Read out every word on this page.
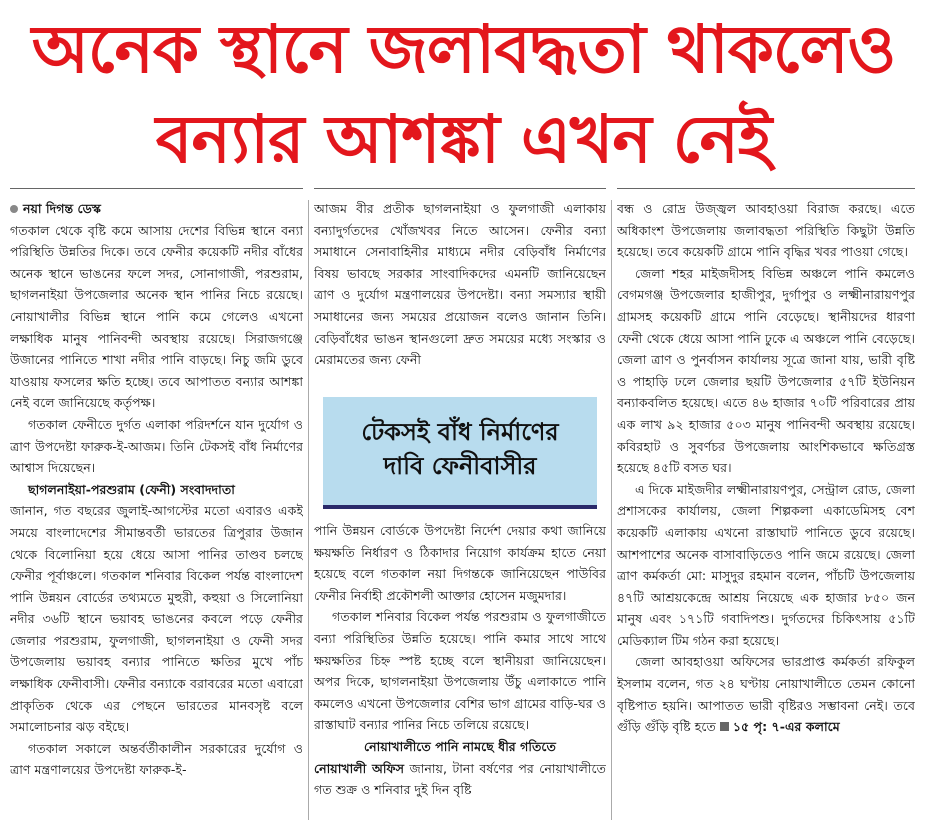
অনেক স্থানে জলাবদ্ধতা থাকলেও
বন্যার আশঙ্কা এখন নেই

নয়া দিগন্ত ডেস্ক

গতকাল থেকে বৃষ্টি কমে আসায় দেশের বিভিন্ন স্থানে বন্যা পরিস্থিতি উন্নতির দিকে। তবে ফেনীর কয়েকটি নদীর বাঁধের অনেক স্থানে ভাঙনের ফলে সদর, সোনাগাজী, পরশুরাম, ছাগলনাইয়া উপজেলার অনেক স্থান পানির নিচে রয়েছে। নোয়াখালীর বিভিন্ন স্থানে পানি কমে গেলেও এখনো লক্ষাধিক মানুষ পানিবন্দী অবস্থায় রয়েছে। সিরাজগঞ্জে উজানের পানিতে শাখা নদীর পানি বাড়ছে। নিচু জমি ডুবে যাওয়ায় ফসলের ক্ষতি হচ্ছে। তবে আপাতত বন্যার আশঙ্কা নেই বলে জানিয়েছে কর্তৃপক্ষ।

গতকাল ফেনীতে দুর্গত এলাকা পরিদর্শনে যান দুর্যোগ ও ত্রাণ উপদেষ্টা ফারুক-ই-আজম। তিনি টেকসই বাঁধ নির্মাণের আশ্বাস দিয়েছেন।

ছাগলনাইয়া-পরশুরাম (ফেনী) সংবাদদাতা

জানান, গত বছরের জুলাই-আগস্টের মতো এবারও একই সময়ে বাংলাদেশের সীমান্তবর্তী ভারতের ত্রিপুরার উজান থেকে বিলোনিয়া হয়ে ধেয়ে আসা পানির তাণ্ডব চলছে ফেনীর পূর্বাঞ্চলে। গতকাল শনিবার বিকেল পর্যন্ত বাংলাদেশ পানি উন্নয়ন বোর্ডের তথ্যমতে মুহুরী, কহুয়া ও সিলোনিয়া নদীর ৩৬টি স্থানে ভয়াবহ ভাঙনের কবলে পড়ে ফেনীর জেলার পরশুরাম, ফুলগাজী, ছাগলনাইয়া ও ফেনী সদর উপজেলায় ভয়াবহ বন্যার পানিতে ক্ষতির মুখে পাঁচ লক্ষাধিক ফেনীবাসী। ফেনীর বন্যাকে বরাবরের মতো এবারো প্রাকৃতিক থেকে এর পেছনে ভারতের মানবসৃষ্ট বলে সমালোচনার ঝড় বইছে।

গতকাল সকালে অন্তর্বর্তীকালীন সরকারের দুর্যোগ ও ত্রাণ মন্ত্রণালয়ের উপদেষ্টা ফারুক-ই-

আজম বীর প্রতীক ছাগলনাইয়া ও ফুলগাজী এলাকায় বন্যাদুর্গতদের খোঁজখবর নিতে আসেন। ফেনীর বন্যা সমাধানে সেনাবাহিনীর মাধ্যমে নদীর বেড়িবাঁধ নির্মাণের বিষয় ভাবছে সরকার সাংবাদিকদের এমনটি জানিয়েছেন ত্রাণ ও দুর্যোগ মন্ত্রণালয়ের উপদেষ্টা। বন্যা সমস্যার স্থায়ী সমাধানের জন্য সময়ের প্রয়োজন বলেও জানান তিনি। বেড়িবাঁধের ভাঙন স্থানগুলো দ্রুত সময়ের মধ্যে সংস্কার ও মেরামতের জন্য ফেনী

টেকসই বাঁধ নির্মাণের
দাবি ফেনীবাসীর

পানি উন্নয়ন বোর্ডকে উপদেষ্টা নির্দেশ দেয়ার কথা জানিয়ে ক্ষয়ক্ষতি নির্ধারণ ও ঠিকাদার নিয়োগ কার্যক্রম হাতে নেয়া হয়েছে বলে গতকাল নয়া দিগন্তকে জানিয়েছেন পাউবির ফেনীর নির্বাহী প্রকৌশলী আক্তার হোসেন মজুমদার।

গতকাল শনিবার বিকেল পর্যন্ত পরশুরাম ও ফুলগাজীতে বন্যা পরিস্থিতির উন্নতি হয়েছে। পানি কমার সাথে সাথে ক্ষয়ক্ষতির চিহ্ন স্পষ্ট হচ্ছে বলে স্থানীয়রা জানিয়েছেন। অপর দিকে, ছাগলনাইয়া উপজেলায় উঁচু এলাকাতে পানি কমলেও এখনো উপজেলার বেশির ভাগ গ্রামের বাড়ি-ঘর ও রাস্তাঘাট বন্যার পানির নিচে তলিয়ে রয়েছে।

নোয়াখালীতে পানি নামছে ধীর গতিতে

নোয়াখালী অফিস জানায়, টানা বর্ষণের পর নোয়াখালীতে গত শুক্র ও শনিবার দুই দিন বৃষ্টি

বন্ধ ও রোদ্র উজ্জ্বল আবহাওয়া বিরাজ করছে। এতে অধিকাংশ উপজেলায় জলাবদ্ধতা পরিস্থিতি কিছুটা উন্নতি হয়েছে। তবে কয়েকটি গ্রামে পানি বৃদ্ধির খবর পাওয়া গেছে।

জেলা শহর মাইজদীসহ বিভিন্ন অঞ্চলে পানি কমলেও বেগমগঞ্জ উপজেলার হাজীপুর, দুর্গাপুর ও লক্ষ্মীনারায়ণপুর গ্রামসহ কয়েকটি গ্রামে পানি বেড়েছে। স্থানীয়দের ধারণা ফেনী থেকে ধেয়ে আসা পানি ঢুকে এ অঞ্চলে পানি বেড়েছে। জেলা ত্রাণ ও পুনর্বাসন কার্যালয় সূত্রে জানা যায়, ভারী বৃষ্টি ও পাহাড়ি ঢলে জেলার ছয়টি উপজেলার ৫৭টি ইউনিয়ন বন্যাকবলিত হয়েছে। এতে ৪৬ হাজার ৭০টি পরিবারের প্রায় এক লাখ ৯২ হাজার ৫০৩ মানুষ পানিবন্দী অবস্থায় রয়েছে। কবিরহাট ও সুবর্ণচর উপজেলায় আংশিকভাবে ক্ষতিগ্রস্ত হয়েছে ৪৫টি বসত ঘর।

এ দিকে মাইজদীর লক্ষ্মীনারায়ণপুর, সেন্ট্রাল রোড, জেলা প্রশাসকের কার্যালয়, জেলা শিল্পকলা একাডেমিসহ বেশ কয়েকটি এলাকায় এখনো রাস্তাঘাট পানিতে ডুবে রয়েছে। আশপাশের অনেক বাসাবাড়িতেও পানি জমে রয়েছে। জেলা ত্রাণ কর্মকর্তা মো: মাসুদুর রহমান বলেন, পাঁচটি উপজেলায় ৪৭টি আশ্রয়কেন্দ্রে আশ্রয় নিয়েছে এক হাজার ৮৫০ জন মানুষ এবং ১৭১টি গবাদিপশু। দুর্গতদের চিকিৎসায় ৫১টি মেডিক্যাল টিম গঠন করা হয়েছে।

জেলা আবহাওয়া অফিসের ভারপ্রাপ্ত কর্মকর্তা রফিকুল ইসলাম বলেন, গত ২৪ ঘণ্টায় নোয়াখালীতে তেমন কোনো বৃষ্টিপাত হয়নি। আপাতত ভারী বৃষ্টিরও সম্ভাবনা নেই। তবে গুঁড়ি গুঁড়ি বৃষ্টি হতে ১৫ পৃ: ৭-এর কলামে
